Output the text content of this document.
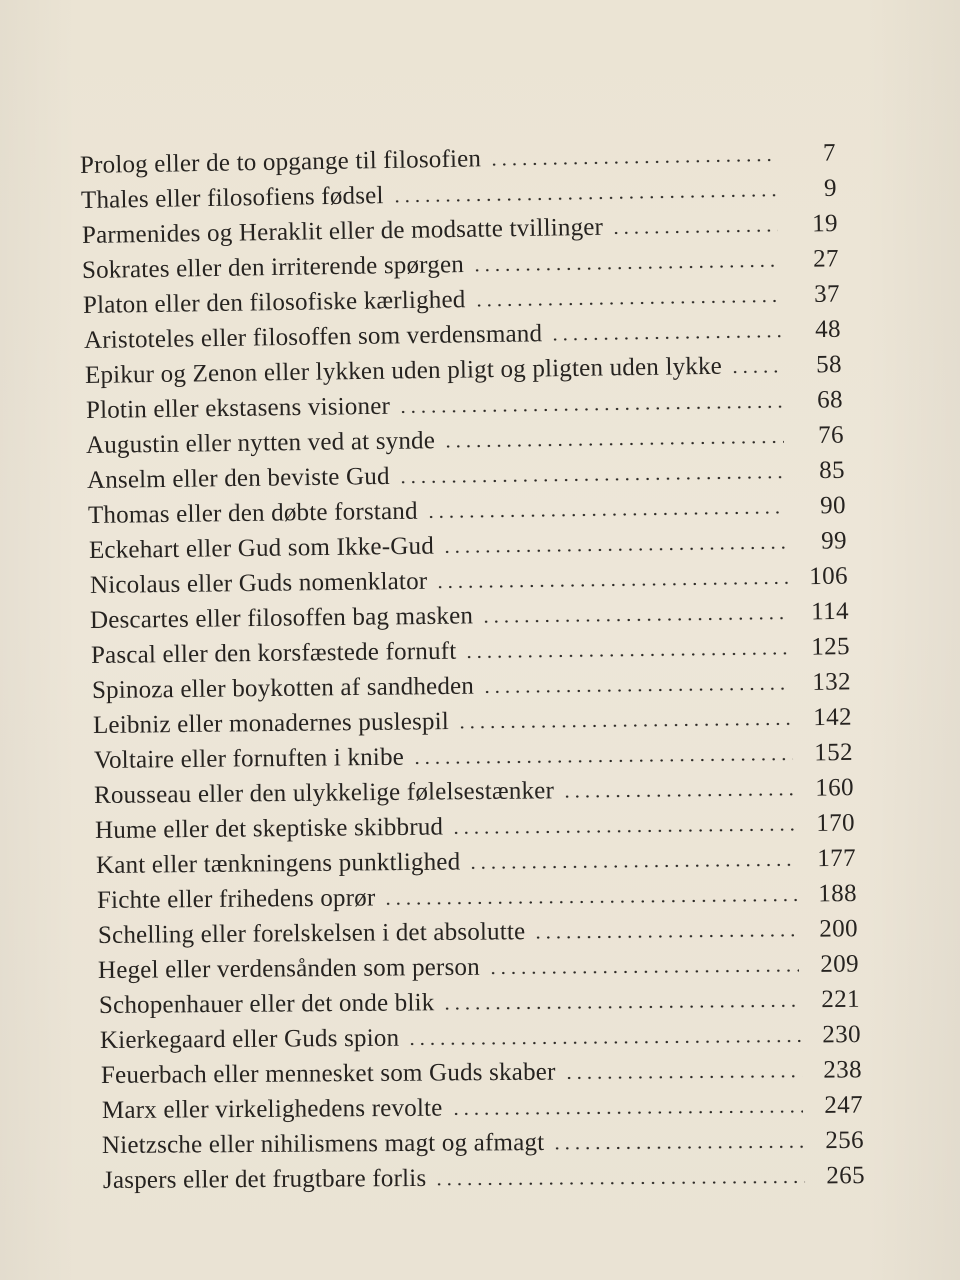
Prolog eller de to opgange til filosofien	7
Thales eller filosofiens fødsel	9
Parmenides og Heraklit eller de modsatte tvillinger	19
Sokrates eller den irriterende spørgen	27
Platon eller den filosofiske kærlighed	37
Aristoteles eller filosoffen som verdensmand	48
Epikur og Zenon eller lykken uden pligt og pligten uden lykke	58
Plotin eller ekstasens visioner	68
Augustin eller nytten ved at synde	76
Anselm eller den beviste Gud	85
Thomas eller den døbte forstand	90
Eckehart eller Gud som Ikke-Gud	99
Nicolaus eller Guds nomenklator	106
Descartes eller filosoffen bag masken	114
Pascal eller den korsfæstede fornuft	125
Spinoza eller boykotten af sandheden	132
Leibniz eller monadernes puslespil	142
Voltaire eller fornuften i knibe	152
Rousseau eller den ulykkelige følelsestænker	160
Hume eller det skeptiske skibbrud	170
Kant eller tænkningens punktlighed	177
Fichte eller frihedens oprør	188
Schelling eller forelskelsen i det absolutte	200
Hegel eller verdensånden som person	209
Schopenhauer eller det onde blik	221
Kierkegaard eller Guds spion	230
Feuerbach eller mennesket som Guds skaber	238
Marx eller virkelighedens revolte	247
Nietzsche eller nihilismens magt og afmagt	256
Jaspers eller det frugtbare forlis	265
